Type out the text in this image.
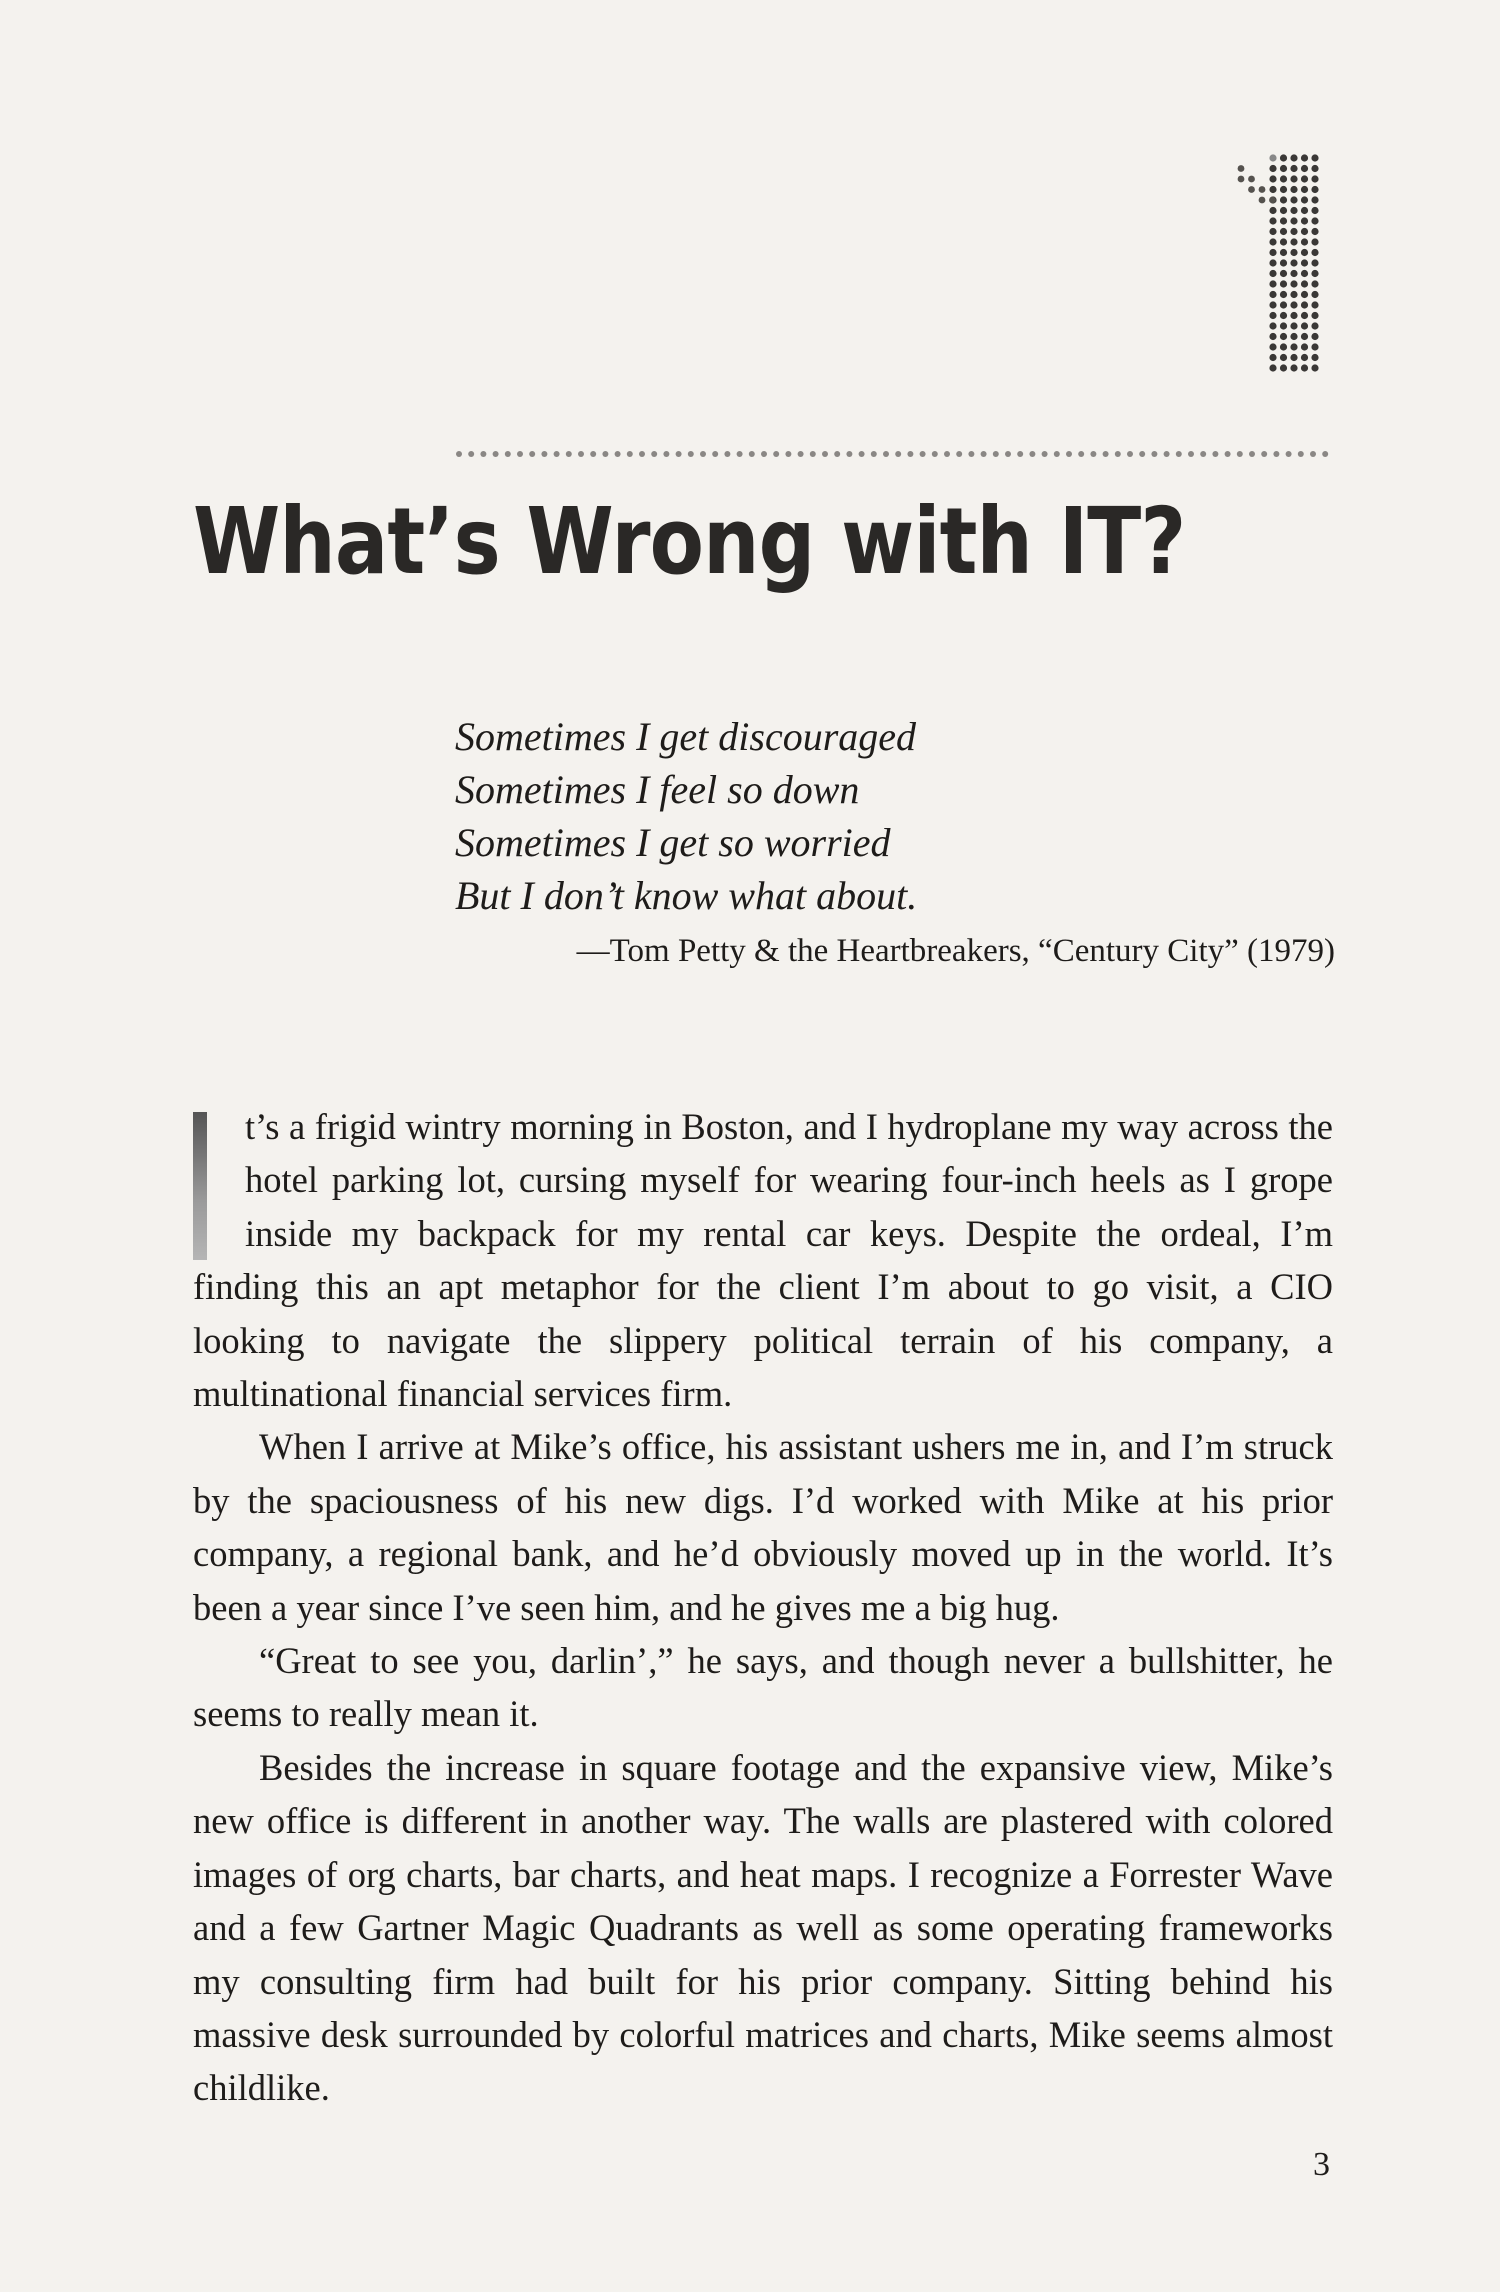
What’s Wrong with IT?
Sometimes I get discouraged
Sometimes I feel so down
Sometimes I get so worried
But I don’t know what about.
—Tom Petty & the Heartbreakers, “Century City” (1979)

t’s a frigid wintry morning in Boston, and I hydroplane my way across the hotel parking lot, cursing myself for wearing four-inch heels as I grope inside my backpack for my rental car keys. Despite the ordeal, I’m finding this an apt metaphor for the client I’m about to go visit, a CIO looking to navigate the slippery political terrain of his company, a multinational financial services firm.

When I arrive at Mike’s office, his assistant ushers me in, and I’m struck by the spaciousness of his new digs. I’d worked with Mike at his prior company, a regional bank, and he’d obviously moved up in the world. It’s been a year since I’ve seen him, and he gives me a big hug.

“Great to see you, darlin’,” he says, and though never a bullshitter, he seems to really mean it.

Besides the increase in square footage and the expansive view, Mike’s new office is different in another way. The walls are plastered with colored images of org charts, bar charts, and heat maps. I recognize a Forrester Wave and a few Gartner Magic Quadrants as well as some operating frameworks my consulting firm had built for his prior company. Sitting behind his massive desk surrounded by colorful matrices and charts, Mike seems almost childlike.

3
